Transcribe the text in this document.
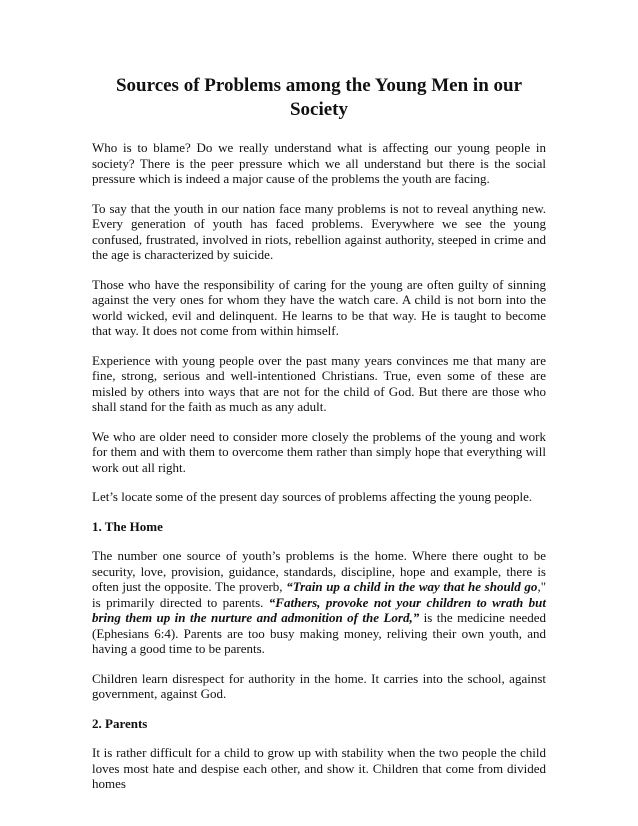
Sources of Problems among the Young Men in our Society

Who is to blame? Do we really understand what is affecting our young people in society? There is the peer pressure which we all understand but there is the social pressure which is indeed a major cause of the problems the youth are facing.

To say that the youth in our nation face many problems is not to reveal anything new. Every generation of youth has faced problems. Everywhere we see the young confused, frustrated, involved in riots, rebellion against authority, steeped in crime and the age is characterized by suicide.

Those who have the responsibility of caring for the young are often guilty of sinning against the very ones for whom they have the watch care. A child is not born into the world wicked, evil and delinquent. He learns to be that way. He is taught to become that way. It does not come from within himself.

Experience with young people over the past many years convinces me that many are fine, strong, serious and well-intentioned Christians. True, even some of these are misled by others into ways that are not for the child of God. But there are those who shall stand for the faith as much as any adult.

We who are older need to consider more closely the problems of the young and work for them and with them to overcome them rather than simply hope that everything will work out all right.

Let’s locate some of the present day sources of problems affecting the young people.

1. The Home

The number one source of youth’s problems is the home. Where there ought to be security, love, provision, guidance, standards, discipline, hope and example, there is often just the opposite. The proverb, “Train up a child in the way that he should go," is primarily directed to parents. “Fathers, provoke not your children to wrath but bring them up in the nurture and admonition of the Lord,” is the medicine needed (Ephesians 6:4). Parents are too busy making money, reliving their own youth, and having a good time to be parents.

Children learn disrespect for authority in the home. It carries into the school, against government, against God.

2. Parents

It is rather difficult for a child to grow up with stability when the two people the child loves most hate and despise each other, and show it. Children that come from divided homes
